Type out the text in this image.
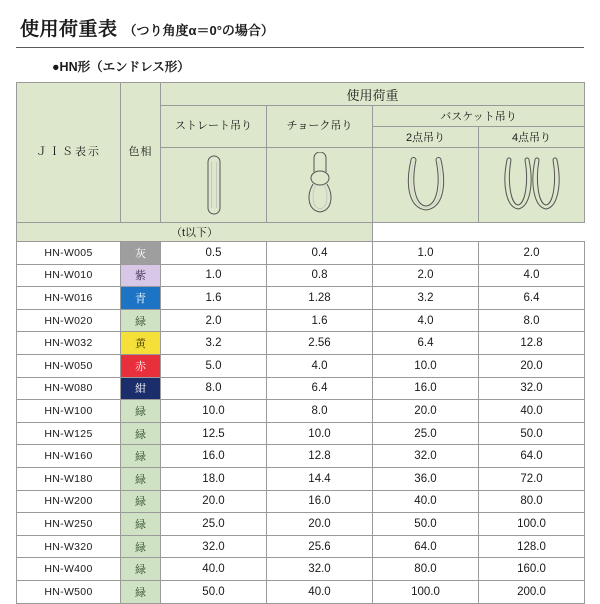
使用荷重表 （つり角度α＝0°の場合）
●HN形（エンドレス形）
ＪＩＳ表示	色相	使用荷重			
		ストレート吊り	チョーク吊り	バスケット吊り	
				2点吊り	4点吊り

（t以下）					
HN-W005	灰	0.5	0.4	1.0	2.0
HN-W010	紫	1.0	0.8	2.0	4.0
HN-W016	青	1.6	1.28	3.2	6.4
HN-W020	緑	2.0	1.6	4.0	8.0
HN-W032	黄	3.2	2.56	6.4	12.8
HN-W050	赤	5.0	4.0	10.0	20.0
HN-W080	紺	8.0	6.4	16.0	32.0
HN-W100	緑	10.0	8.0	20.0	40.0
HN-W125	緑	12.5	10.0	25.0	50.0
HN-W160	緑	16.0	12.8	32.0	64.0
HN-W180	緑	18.0	14.4	36.0	72.0
HN-W200	緑	20.0	16.0	40.0	80.0
HN-W250	緑	25.0	20.0	50.0	100.0
HN-W320	緑	32.0	25.6	64.0	128.0
HN-W400	緑	40.0	32.0	80.0	160.0
HN-W500	緑	50.0	40.0	100.0	200.0
